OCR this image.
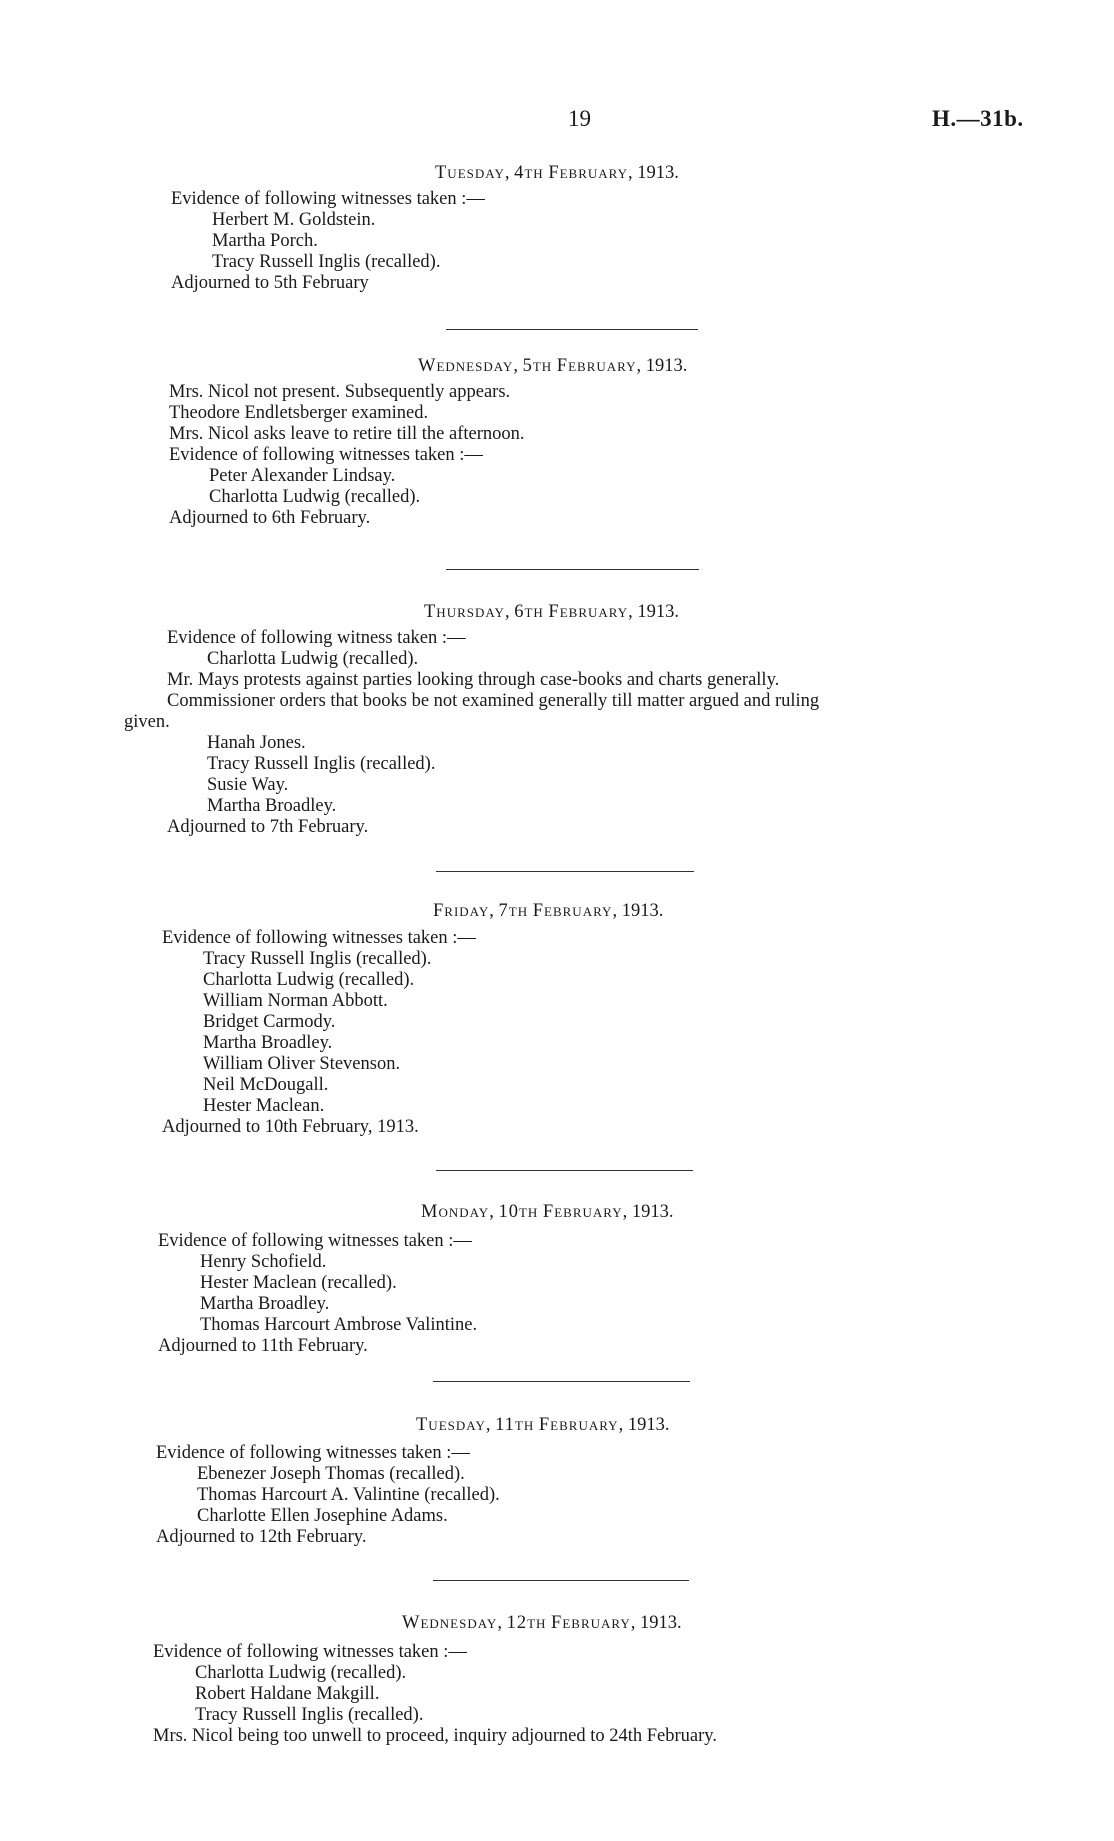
19	H.—31b.
Tuesday, 4th February, 1913.
Evidence of following witnesses taken :—
Herbert M. Goldstein.
Martha Porch.
Tracy Russell Inglis (recalled).
Adjourned to 5th February
Wednesday, 5th February, 1913.
Mrs. Nicol not present. Subsequently appears.
Theodore Endletsberger examined.
Mrs. Nicol asks leave to retire till the afternoon.
Evidence of following witnesses taken :—
Peter Alexander Lindsay.
Charlotta Ludwig (recalled).
Adjourned to 6th February.
Thursday, 6th February, 1913.
Evidence of following witness taken :—
Charlotta Ludwig (recalled).
Mr. Mays protests against parties looking through case-books and charts generally.
Commissioner orders that books be not examined generally till matter argued and ruling
given.
Hanah Jones.
Tracy Russell Inglis (recalled).
Susie Way.
Martha Broadley.
Adjourned to 7th February.
Friday, 7th February, 1913.
Evidence of following witnesses taken :—
Tracy Russell Inglis (recalled).
Charlotta Ludwig (recalled).
William Norman Abbott.
Bridget Carmody.
Martha Broadley.
William Oliver Stevenson.
Neil McDougall.
Hester Maclean.
Adjourned to 10th February, 1913.
Monday, 10th February, 1913.
Evidence of following witnesses taken :—
Henry Schofield.
Hester Maclean (recalled).
Martha Broadley.
Thomas Harcourt Ambrose Valintine.
Adjourned to 11th February.
Tuesday, 11th February, 1913.
Evidence of following witnesses taken :—
Ebenezer Joseph Thomas (recalled).
Thomas Harcourt A. Valintine (recalled).
Charlotte Ellen Josephine Adams.
Adjourned to 12th February.
Wednesday, 12th February, 1913.
Evidence of following witnesses taken :—
Charlotta Ludwig (recalled).
Robert Haldane Makgill.
Tracy Russell Inglis (recalled).
Mrs. Nicol being too unwell to proceed, inquiry adjourned to 24th February.
